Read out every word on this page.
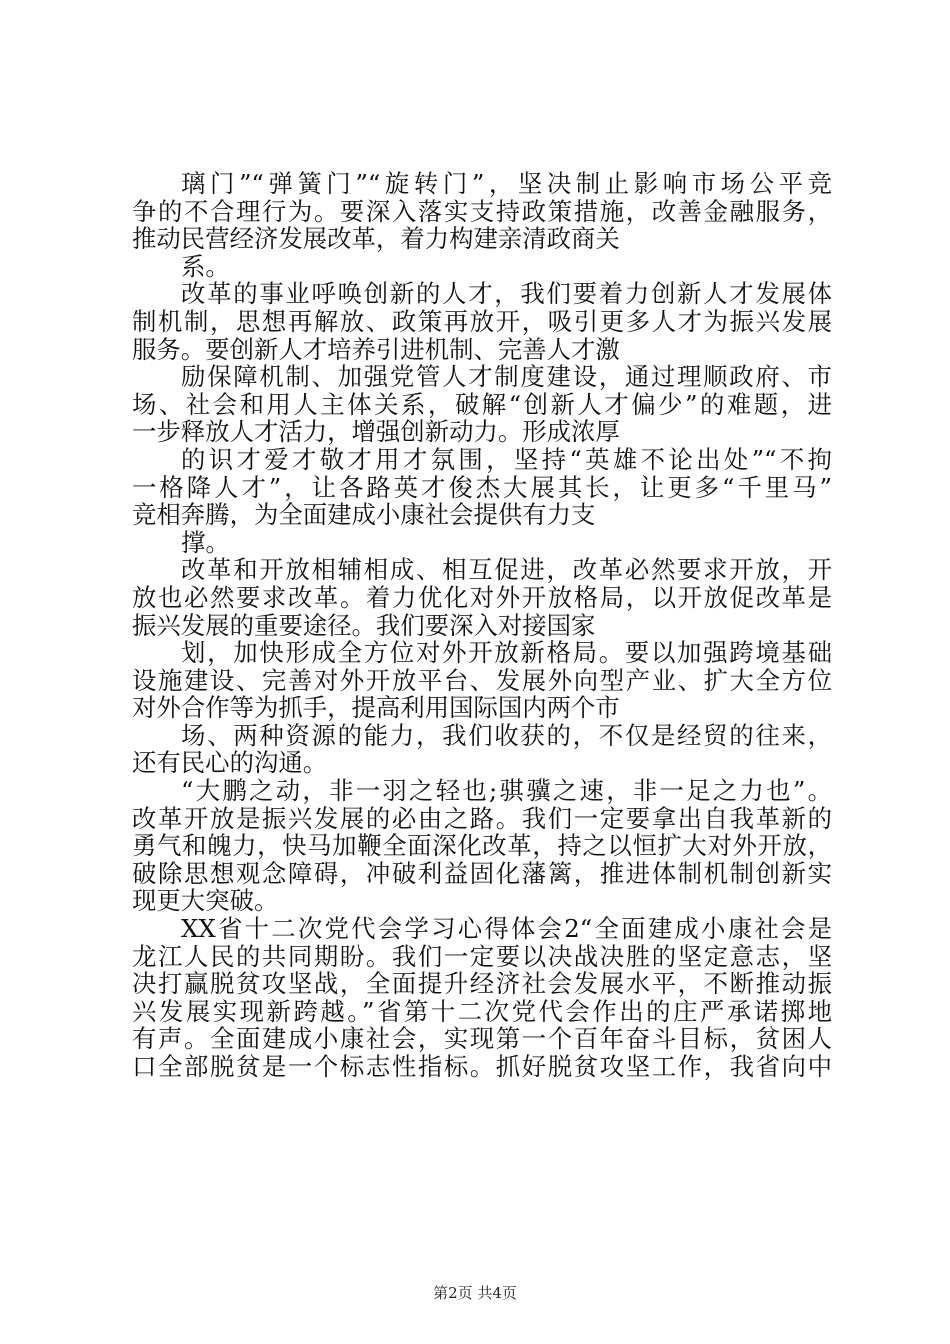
璃门”“弹簧门”“旋转门”，坚决制止影响市场公平竞
争的不合理行为。要深入落实支持政策措施，改善金融服务，
推动民营经济发展改革，着力构建亲清政商关
系。
改革的事业呼唤创新的人才，我们要着力创新人才发展体
制机制，思想再解放、政策再放开，吸引更多人才为振兴发展
服务。要创新人才培养引进机制、完善人才激
励保障机制、加强党管人才制度建设，通过理顺政府、市
场、社会和用人主体关系，破解“创新人才偏少”的难题，进
一步释放人才活力，增强创新动力。形成浓厚
的识才爱才敬才用才氛围，坚持“英雄不论出处”“不拘
一格降人才”，让各路英才俊杰大展其长，让更多“千里马”
竞相奔腾，为全面建成小康社会提供有力支
撑。
改革和开放相辅相成、相互促进，改革必然要求开放，开
放也必然要求改革。着力优化对外开放格局，以开放促改革是
振兴发展的重要途径。我们要深入对接国家
划，加快形成全方位对外开放新格局。要以加强跨境基础
设施建设、完善对外开放平台、发展外向型产业、扩大全方位
对外合作等为抓手，提高利用国际国内两个市
场、两种资源的能力，我们收获的，不仅是经贸的往来，
还有民心的沟通。
“大鹏之动，非一羽之轻也;骐骥之速，非一足之力也”。
改革开放是振兴发展的必由之路。我们一定要拿出自我革新的
勇气和魄力，快马加鞭全面深化改革，持之以恒扩大对外开放，
破除思想观念障碍，冲破利益固化藩篱，推进体制机制创新实
现更大突破。
XX省十二次党代会学习心得体会2“全面建成小康社会是
龙江人民的共同期盼。我们一定要以决战决胜的坚定意志，坚
决打赢脱贫攻坚战，全面提升经济社会发展水平，不断推动振
兴发展实现新跨越。”省第十二次党代会作出的庄严承诺掷地
有声。全面建成小康社会，实现第一个百年奋斗目标，贫困人
口全部脱贫是一个标志性指标。抓好脱贫攻坚工作，我省向中
第2页 共4页
